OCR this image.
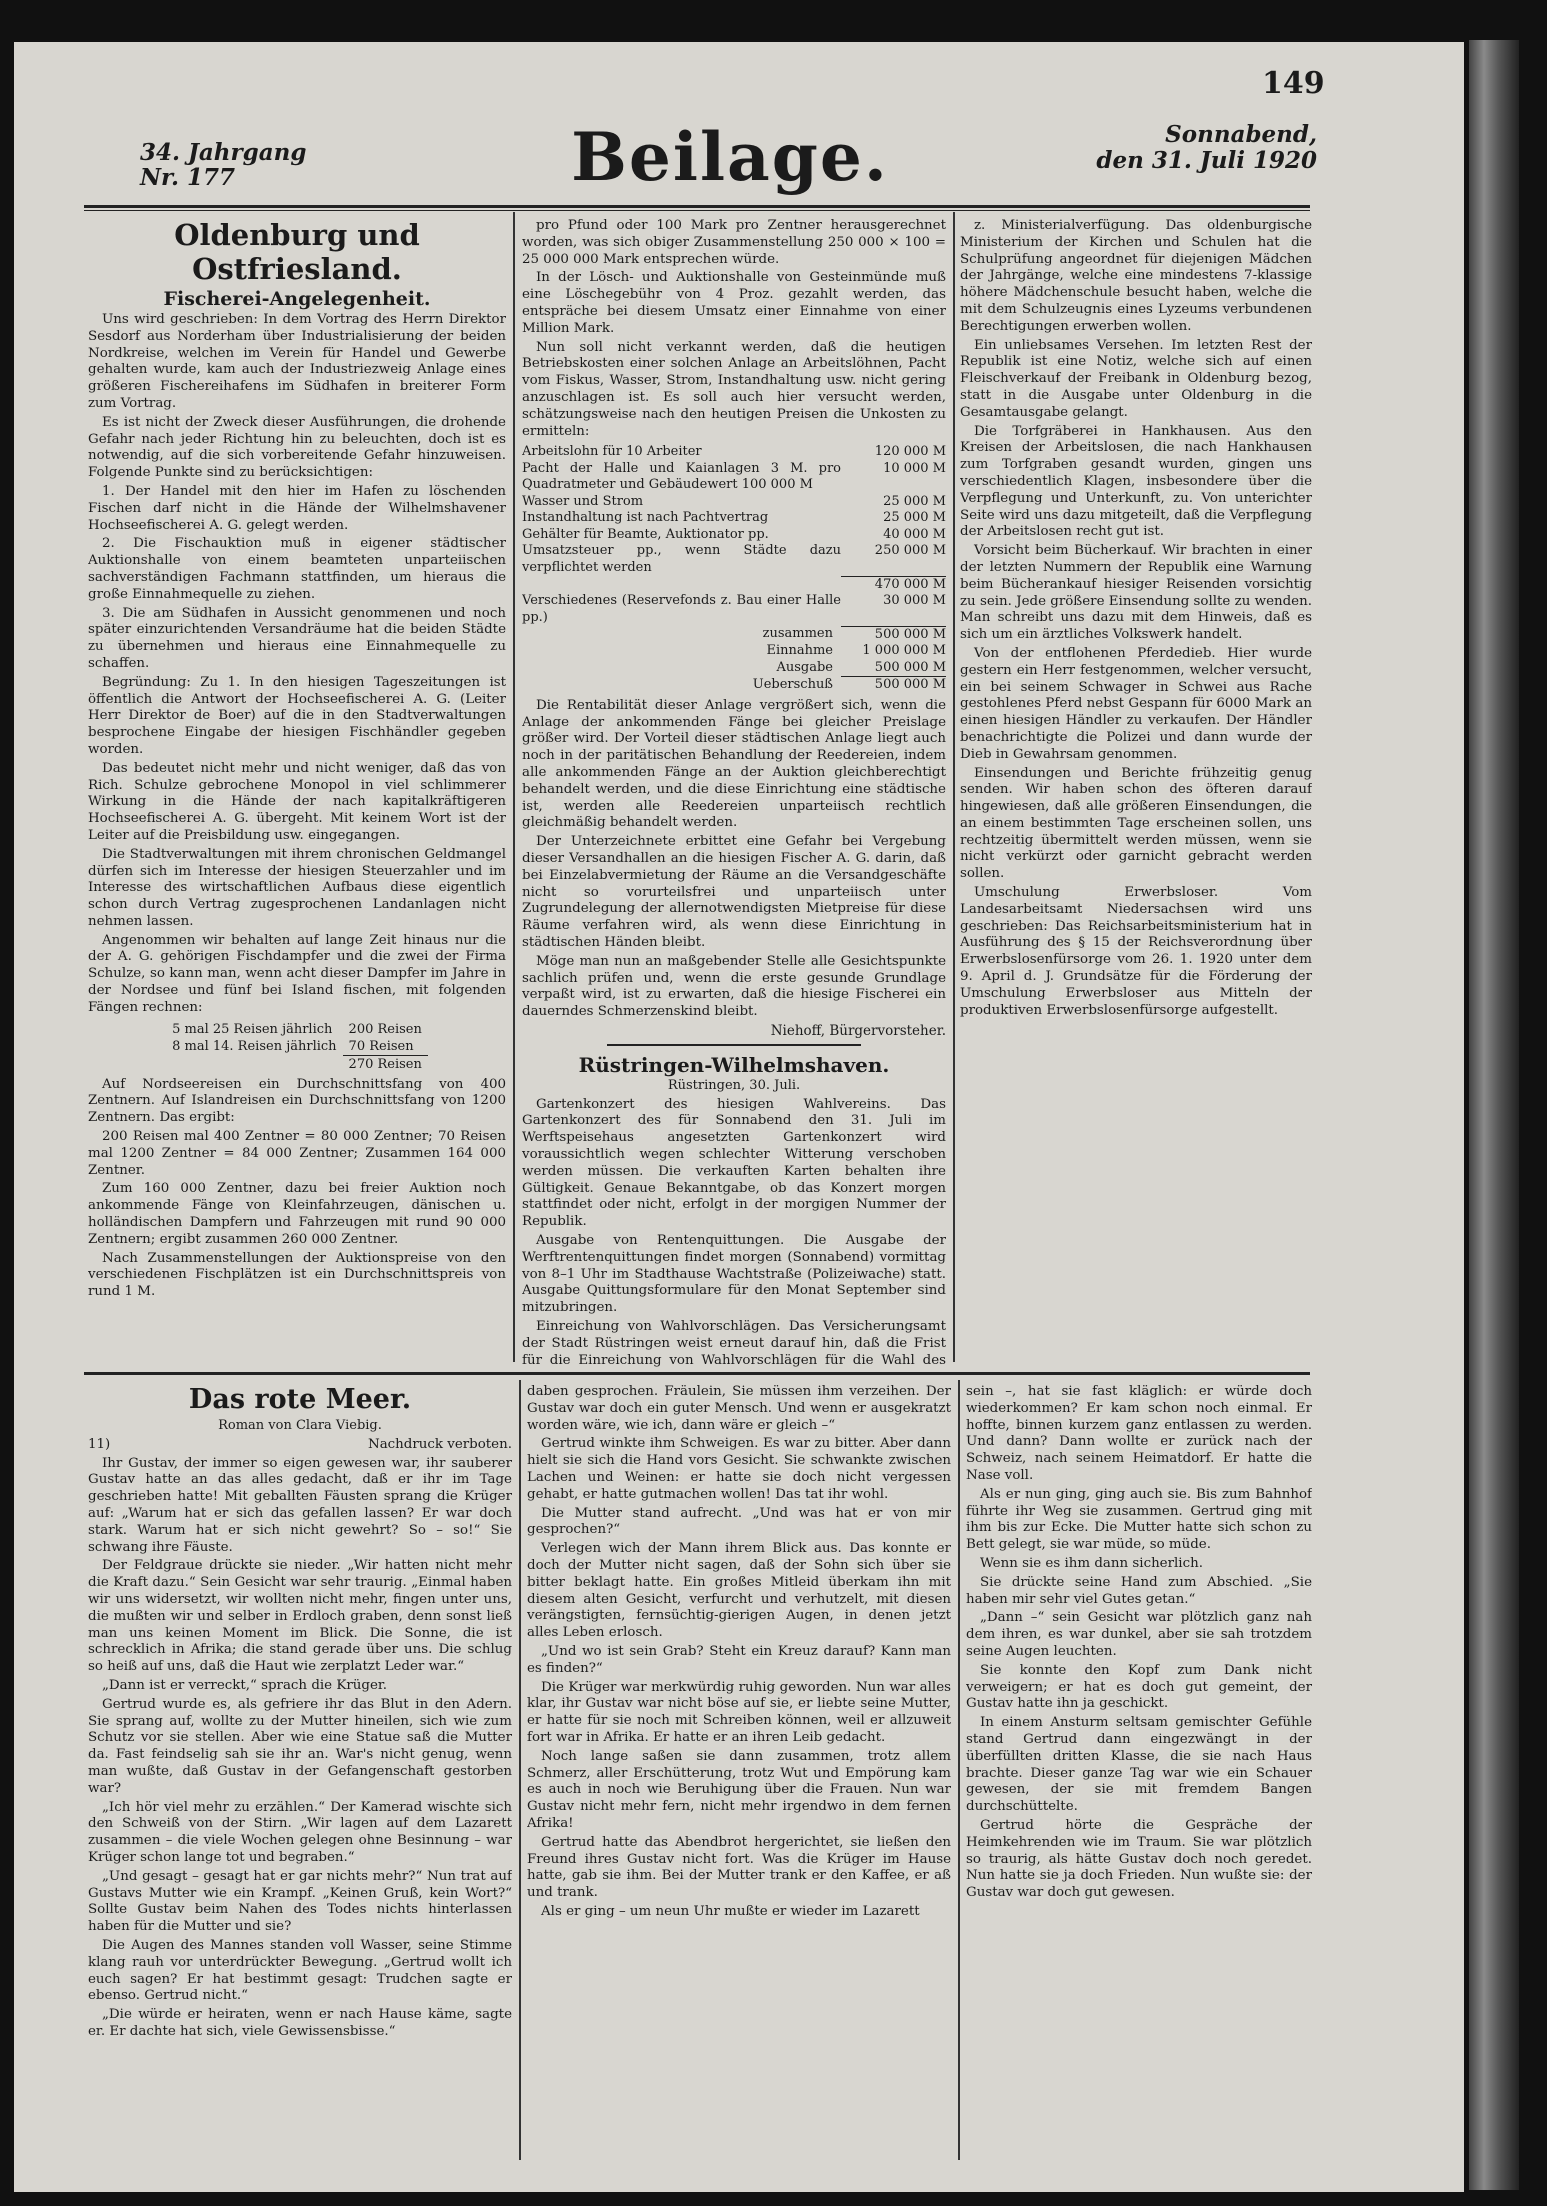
149
34. Jahrgang
Nr. 177	Beilage.	Sonnabend,
den 31. Juli 1920

Oldenburg und Ostfriesland.

Fischerei-Angelegenheit.

Uns wird geschrieben: In dem Vortrag des Herrn Direktor Sesdorf aus Norderham über Industrialisierung der beiden Nordkreise, welchen im Verein für Handel und Gewerbe gehalten wurde, kam auch der Industriezweig Anlage eines größeren Fischereihafens im Südhafen in breiterer Form zum Vortrag.

Es ist nicht der Zweck dieser Ausführungen, die drohende Gefahr nach jeder Richtung hin zu beleuchten, doch ist es notwendig, auf die sich vorbereitende Gefahr hinzuweisen. Folgende Punkte sind zu berücksichtigen:

1. Der Handel mit den hier im Hafen zu löschenden Fischen darf nicht in die Hände der Wilhelmshavener Hochseefischerei A. G. gelegt werden.

2. Die Fischauktion muß in eigener städtischer Auktionshalle von einem beamteten unparteiischen sachverständigen Fachmann stattfinden, um hieraus die große Einnahmequelle zu ziehen.

3. Die am Südhafen in Aussicht genommenen und noch später einzurichtenden Versandräume hat die beiden Städte zu übernehmen und hieraus eine Einnahmequelle zu schaffen.

Begründung: Zu 1. In den hiesigen Tageszeitungen ist öffentlich die Antwort der Hochseefischerei A. G. (Leiter Herr Direktor de Boer) auf die in den Stadtverwaltungen besprochene Eingabe der hiesigen Fischhändler gegeben worden.

Das bedeutet nicht mehr und nicht weniger, daß das von Rich. Schulze gebrochene Monopol in viel schlimmerer Wirkung in die Hände der nach kapitalkräftigeren Hochseefischerei A. G. übergeht. Mit keinem Wort ist der Leiter auf die Preisbildung usw. eingegangen.

Die Stadtverwaltungen mit ihrem chronischen Geldmangel dürfen sich im Interesse der hiesigen Steuerzahler und im Interesse des wirtschaftlichen Aufbaus diese eigentlich schon durch Vertrag zugesprochenen Landanlagen nicht nehmen lassen.

Angenommen wir behalten auf lange Zeit hinaus nur die der A. G. gehörigen Fischdampfer und die zwei der Firma Schulze, so kann man, wenn acht dieser Dampfer im Jahre in der Nordsee und fünf bei Island fischen, mit folgenden Fängen rechnen:

5 mal 25 Reisen jährlich	200 Reisen
8 mal 14. Reisen jährlich	70 Reisen
	270 Reisen

Auf Nordseereisen ein Durchschnittsfang von 400 Zentnern. Auf Islandreisen ein Durchschnittsfang von 1200 Zentnern. Das ergibt:

200 Reisen mal 400 Zentner = 80 000 Zentner; 70 Reisen mal 1200 Zentner = 84 000 Zentner; Zusammen 164 000 Zentner.

Zum 160 000 Zentner, dazu bei freier Auktion noch ankommende Fänge von Kleinfahrzeugen, dänischen u. holländischen Dampfern und Fahrzeugen mit rund 90 000 Zentnern; ergibt zusammen 260 000 Zentner.

Nach Zusammenstellungen der Auktionspreise von den verschiedenen Fischplätzen ist ein Durchschnittspreis von rund 1 M.

pro Pfund oder 100 Mark pro Zentner herausgerechnet worden, was sich obiger Zusammenstellung 250 000 × 100 = 25 000 000 Mark entsprechen würde.

In der Lösch- und Auktionshalle von Gesteinmünde muß eine Löschegebühr von 4 Proz. gezahlt werden, das entspräche bei diesem Umsatz einer Einnahme von einer Million Mark.

Nun soll nicht verkannt werden, daß die heutigen Betriebskosten einer solchen Anlage an Arbeitslöhnen, Pacht vom Fiskus, Wasser, Strom, Instandhaltung usw. nicht gering anzuschlagen ist. Es soll auch hier versucht werden, schätzungsweise nach den heutigen Preisen die Unkosten zu ermitteln:

Arbeitslohn für 10 Arbeiter	120 000 M
Pacht der Halle und Kaianlagen 3 M. pro Quadratmeter und Gebäudewert 100 000 M	10 000 M
Wasser und Strom	25 000 M
Instandhaltung ist nach Pachtvertrag	25 000 M
Gehälter für Beamte, Auktionator pp.	40 000 M
Umsatzsteuer pp., wenn Städte dazu verpflichtet werden	250 000 M
	470 000 M
Verschiedenes (Reservefonds z. Bau einer Halle pp.)	30 000 M
zusammen	500 000 M
Einnahme	1 000 000 M
Ausgabe	500 000 M
Ueberschuß	500 000 M

Die Rentabilität dieser Anlage vergrößert sich, wenn die Anlage der ankommenden Fänge bei gleicher Preislage größer wird. Der Vorteil dieser städtischen Anlage liegt auch noch in der paritätischen Behandlung der Reedereien, indem alle ankommenden Fänge an der Auktion gleichberechtigt behandelt werden, und die diese Einrichtung eine städtische ist, werden alle Reedereien unparteiisch rechtlich gleichmäßig behandelt werden.

Der Unterzeichnete erbittet eine Gefahr bei Vergebung dieser Versandhallen an die hiesigen Fischer A. G. darin, daß bei Einzelabvermietung der Räume an die Versandgeschäfte nicht so vorurteilsfrei und unparteiisch unter Zugrundelegung der allernotwendigsten Mietpreise für diese Räume verfahren wird, als wenn diese Einrichtung in städtischen Händen bleibt.

Möge man nun an maßgebender Stelle alle Gesichtspunkte sachlich prüfen und, wenn die erste gesunde Grundlage verpaßt wird, ist zu erwarten, daß die hiesige Fischerei ein dauerndes Schmerzenskind bleibt.

Niehoff, Bürgervorsteher.

Rüstringen-Wilhelmshaven.

Rüstringen, 30. Juli.

Gartenkonzert des hiesigen Wahlvereins. Das Gartenkonzert des für Sonnabend den 31. Juli im Werftspeisehaus angesetzten Gartenkonzert wird voraussichtlich wegen schlechter Witterung verschoben werden müssen. Die verkauften Karten behalten ihre Gültigkeit. Genaue Bekanntgabe, ob das Konzert morgen stattfindet oder nicht, erfolgt in der morgigen Nummer der Republik.

Ausgabe von Rentenquittungen. Die Ausgabe der Werftrentenquittungen findet morgen (Sonnabend) vormittag von 8–1 Uhr im Stadthause Wachtstraße (Polizeiwache) statt. Ausgabe Quittungsformulare für den Monat September sind mitzubringen.

Einreichung von Wahlvorschlägen. Das Versicherungsamt der Stadt Rüstringen weist erneut darauf hin, daß die Frist für die Einreichung von Wahlvorschlägen für die Wahl des

z. Ministerialverfügung. Das oldenburgische Ministerium der Kirchen und Schulen hat die Schulprüfung angeordnet für diejenigen Mädchen der Jahrgänge, welche eine mindestens 7-klassige höhere Mädchenschule besucht haben, welche die mit dem Schulzeugnis eines Lyzeums verbundenen Berechtigungen erwerben wollen.

Ein unliebsames Versehen. Im letzten Rest der Republik ist eine Notiz, welche sich auf einen Fleischverkauf der Freibank in Oldenburg bezog, statt in die Ausgabe unter Oldenburg in die Gesamtausgabe gelangt.

Die Torfgräberei in Hankhausen. Aus den Kreisen der Arbeitslosen, die nach Hankhausen zum Torfgraben gesandt wurden, gingen uns verschiedentlich Klagen, insbesondere über die Verpflegung und Unterkunft, zu. Von unterichter Seite wird uns dazu mitgeteilt, daß die Verpflegung der Arbeitslosen recht gut ist.

Vorsicht beim Bücherkauf. Wir brachten in einer der letzten Nummern der Republik eine Warnung beim Bücherankauf hiesiger Reisenden vorsichtig zu sein. Jede größere Einsendung sollte zu wenden. Man schreibt uns dazu mit dem Hinweis, daß es sich um ein ärztliches Volkswerk handelt.

Von der entflohenen Pferdedieb. Hier wurde gestern ein Herr festgenommen, welcher versucht, ein bei seinem Schwager in Schwei aus Rache gestohlenes Pferd nebst Gespann für 6000 Mark an einen hiesigen Händler zu verkaufen. Der Händler benachrichtigte die Polizei und dann wurde der Dieb in Gewahrsam genommen.

Einsendungen und Berichte frühzeitig genug senden. Wir haben schon des öfteren darauf hingewiesen, daß alle größeren Einsendungen, die an einem bestimmten Tage erscheinen sollen, uns rechtzeitig übermittelt werden müssen, wenn sie nicht verkürzt oder garnicht gebracht werden sollen.

Umschulung Erwerbsloser. Vom Landesarbeitsamt Niedersachsen wird uns geschrieben: Das Reichsarbeitsministerium hat in Ausführung des § 15 der Reichsverordnung über Erwerbslosenfürsorge vom 26. 1. 1920 unter dem 9. April d. J. Grundsätze für die Förderung der Umschulung Erwerbsloser aus Mitteln der produktiven Erwerbslosenfürsorge aufgestellt.

Das rote Meer.

Roman von Clara Viebig.

11)	Nachdruck verboten.

Ihr Gustav, der immer so eigen gewesen war, ihr sauberer Gustav hatte an das alles gedacht, daß er ihr im Tage geschrieben hatte! Mit geballten Fäusten sprang die Krüger auf: „Warum hat er sich das gefallen lassen? Er war doch stark. Warum hat er sich nicht gewehrt? So – so!“ Sie schwang ihre Fäuste.

Der Feldgraue drückte sie nieder. „Wir hatten nicht mehr die Kraft dazu.“ Sein Gesicht war sehr traurig. „Einmal haben wir uns widersetzt, wir wollten nicht mehr, fingen unter uns, die mußten wir und selber in Erdloch graben, denn sonst ließ man uns keinen Moment im Blick. Die Sonne, die ist schrecklich in Afrika; die stand gerade über uns. Die schlug so heiß auf uns, daß die Haut wie zerplatzt Leder war.“

„Dann ist er verreckt,“ sprach die Krüger.

Gertrud wurde es, als gefriere ihr das Blut in den Adern. Sie sprang auf, wollte zu der Mutter hineilen, sich wie zum Schutz vor sie stellen. Aber wie eine Statue saß die Mutter da. Fast feindselig sah sie ihr an. War's nicht genug, wenn man wußte, daß Gustav in der Gefangenschaft gestorben war?

„Ich hör viel mehr zu erzählen.“ Der Kamerad wischte sich den Schweiß von der Stirn. „Wir lagen auf dem Lazarett zusammen – die viele Wochen gelegen ohne Besinnung – war Krüger schon lange tot und begraben.“

„Und gesagt – gesagt hat er gar nichts mehr?“ Nun trat auf Gustavs Mutter wie ein Krampf. „Keinen Gruß, kein Wort?“ Sollte Gustav beim Nahen des Todes nichts hinterlassen haben für die Mutter und sie?

Die Augen des Mannes standen voll Wasser, seine Stimme klang rauh vor unterdrückter Bewegung. „Gertrud wollt ich euch sagen? Er hat bestimmt gesagt: Trudchen sagte er ebenso. Gertrud nicht.“

„Die würde er heiraten, wenn er nach Hause käme, sagte er. Er dachte hat sich, viele Gewissensbisse.“

daben gesprochen. Fräulein, Sie müssen ihm verzeihen. Der Gustav war doch ein guter Mensch. Und wenn er ausgekratzt worden wäre, wie ich, dann wäre er gleich –“

Gertrud winkte ihm Schweigen. Es war zu bitter. Aber dann hielt sie sich die Hand vors Gesicht. Sie schwankte zwischen Lachen und Weinen: er hatte sie doch nicht vergessen gehabt, er hatte gutmachen wollen! Das tat ihr wohl.

Die Mutter stand aufrecht. „Und was hat er von mir gesprochen?“

Verlegen wich der Mann ihrem Blick aus. Das konnte er doch der Mutter nicht sagen, daß der Sohn sich über sie bitter beklagt hatte. Ein großes Mitleid überkam ihn mit diesem alten Gesicht, verfurcht und verhutzelt, mit diesen verängstigten, fernsüchtig-gierigen Augen, in denen jetzt alles Leben erlosch.

„Und wo ist sein Grab? Steht ein Kreuz darauf? Kann man es finden?“

Die Krüger war merkwürdig ruhig geworden. Nun war alles klar, ihr Gustav war nicht böse auf sie, er liebte seine Mutter, er hatte für sie noch mit Schreiben können, weil er allzuweit fort war in Afrika. Er hatte er an ihren Leib gedacht.

Noch lange saßen sie dann zusammen, trotz allem Schmerz, aller Erschütterung, trotz Wut und Empörung kam es auch in noch wie Beruhigung über die Frauen. Nun war Gustav nicht mehr fern, nicht mehr irgendwo in dem fernen Afrika!

Gertrud hatte das Abendbrot hergerichtet, sie ließen den Freund ihres Gustav nicht fort. Was die Krüger im Hause hatte, gab sie ihm. Bei der Mutter trank er den Kaffee, er aß und trank.

Als er ging – um neun Uhr mußte er wieder im Lazarett

sein –, hat sie fast kläglich: er würde doch wiederkommen? Er kam schon noch einmal. Er hoffte, binnen kurzem ganz entlassen zu werden. Und dann? Dann wollte er zurück nach der Schweiz, nach seinem Heimatdorf. Er hatte die Nase voll.

Als er nun ging, ging auch sie. Bis zum Bahnhof führte ihr Weg sie zusammen. Gertrud ging mit ihm bis zur Ecke. Die Mutter hatte sich schon zu Bett gelegt, sie war müde, so müde.

Wenn sie es ihm dann sicherlich.

Sie drückte seine Hand zum Abschied. „Sie haben mir sehr viel Gutes getan.“

„Dann –“ sein Gesicht war plötzlich ganz nah dem ihren, es war dunkel, aber sie sah trotzdem seine Augen leuchten.

Sie konnte den Kopf zum Dank nicht verweigern; er hat es doch gut gemeint, der Gustav hatte ihn ja geschickt.

In einem Ansturm seltsam gemischter Gefühle stand Gertrud dann eingezwängt in der überfüllten dritten Klasse, die sie nach Haus brachte. Dieser ganze Tag war wie ein Schauer gewesen, der sie mit fremdem Bangen durchschüttelte.

Gertrud hörte die Gespräche der Heimkehrenden wie im Traum. Sie war plötzlich so traurig, als hätte Gustav doch noch geredet. Nun hatte sie ja doch Frieden. Nun wußte sie: der Gustav war doch gut gewesen.
